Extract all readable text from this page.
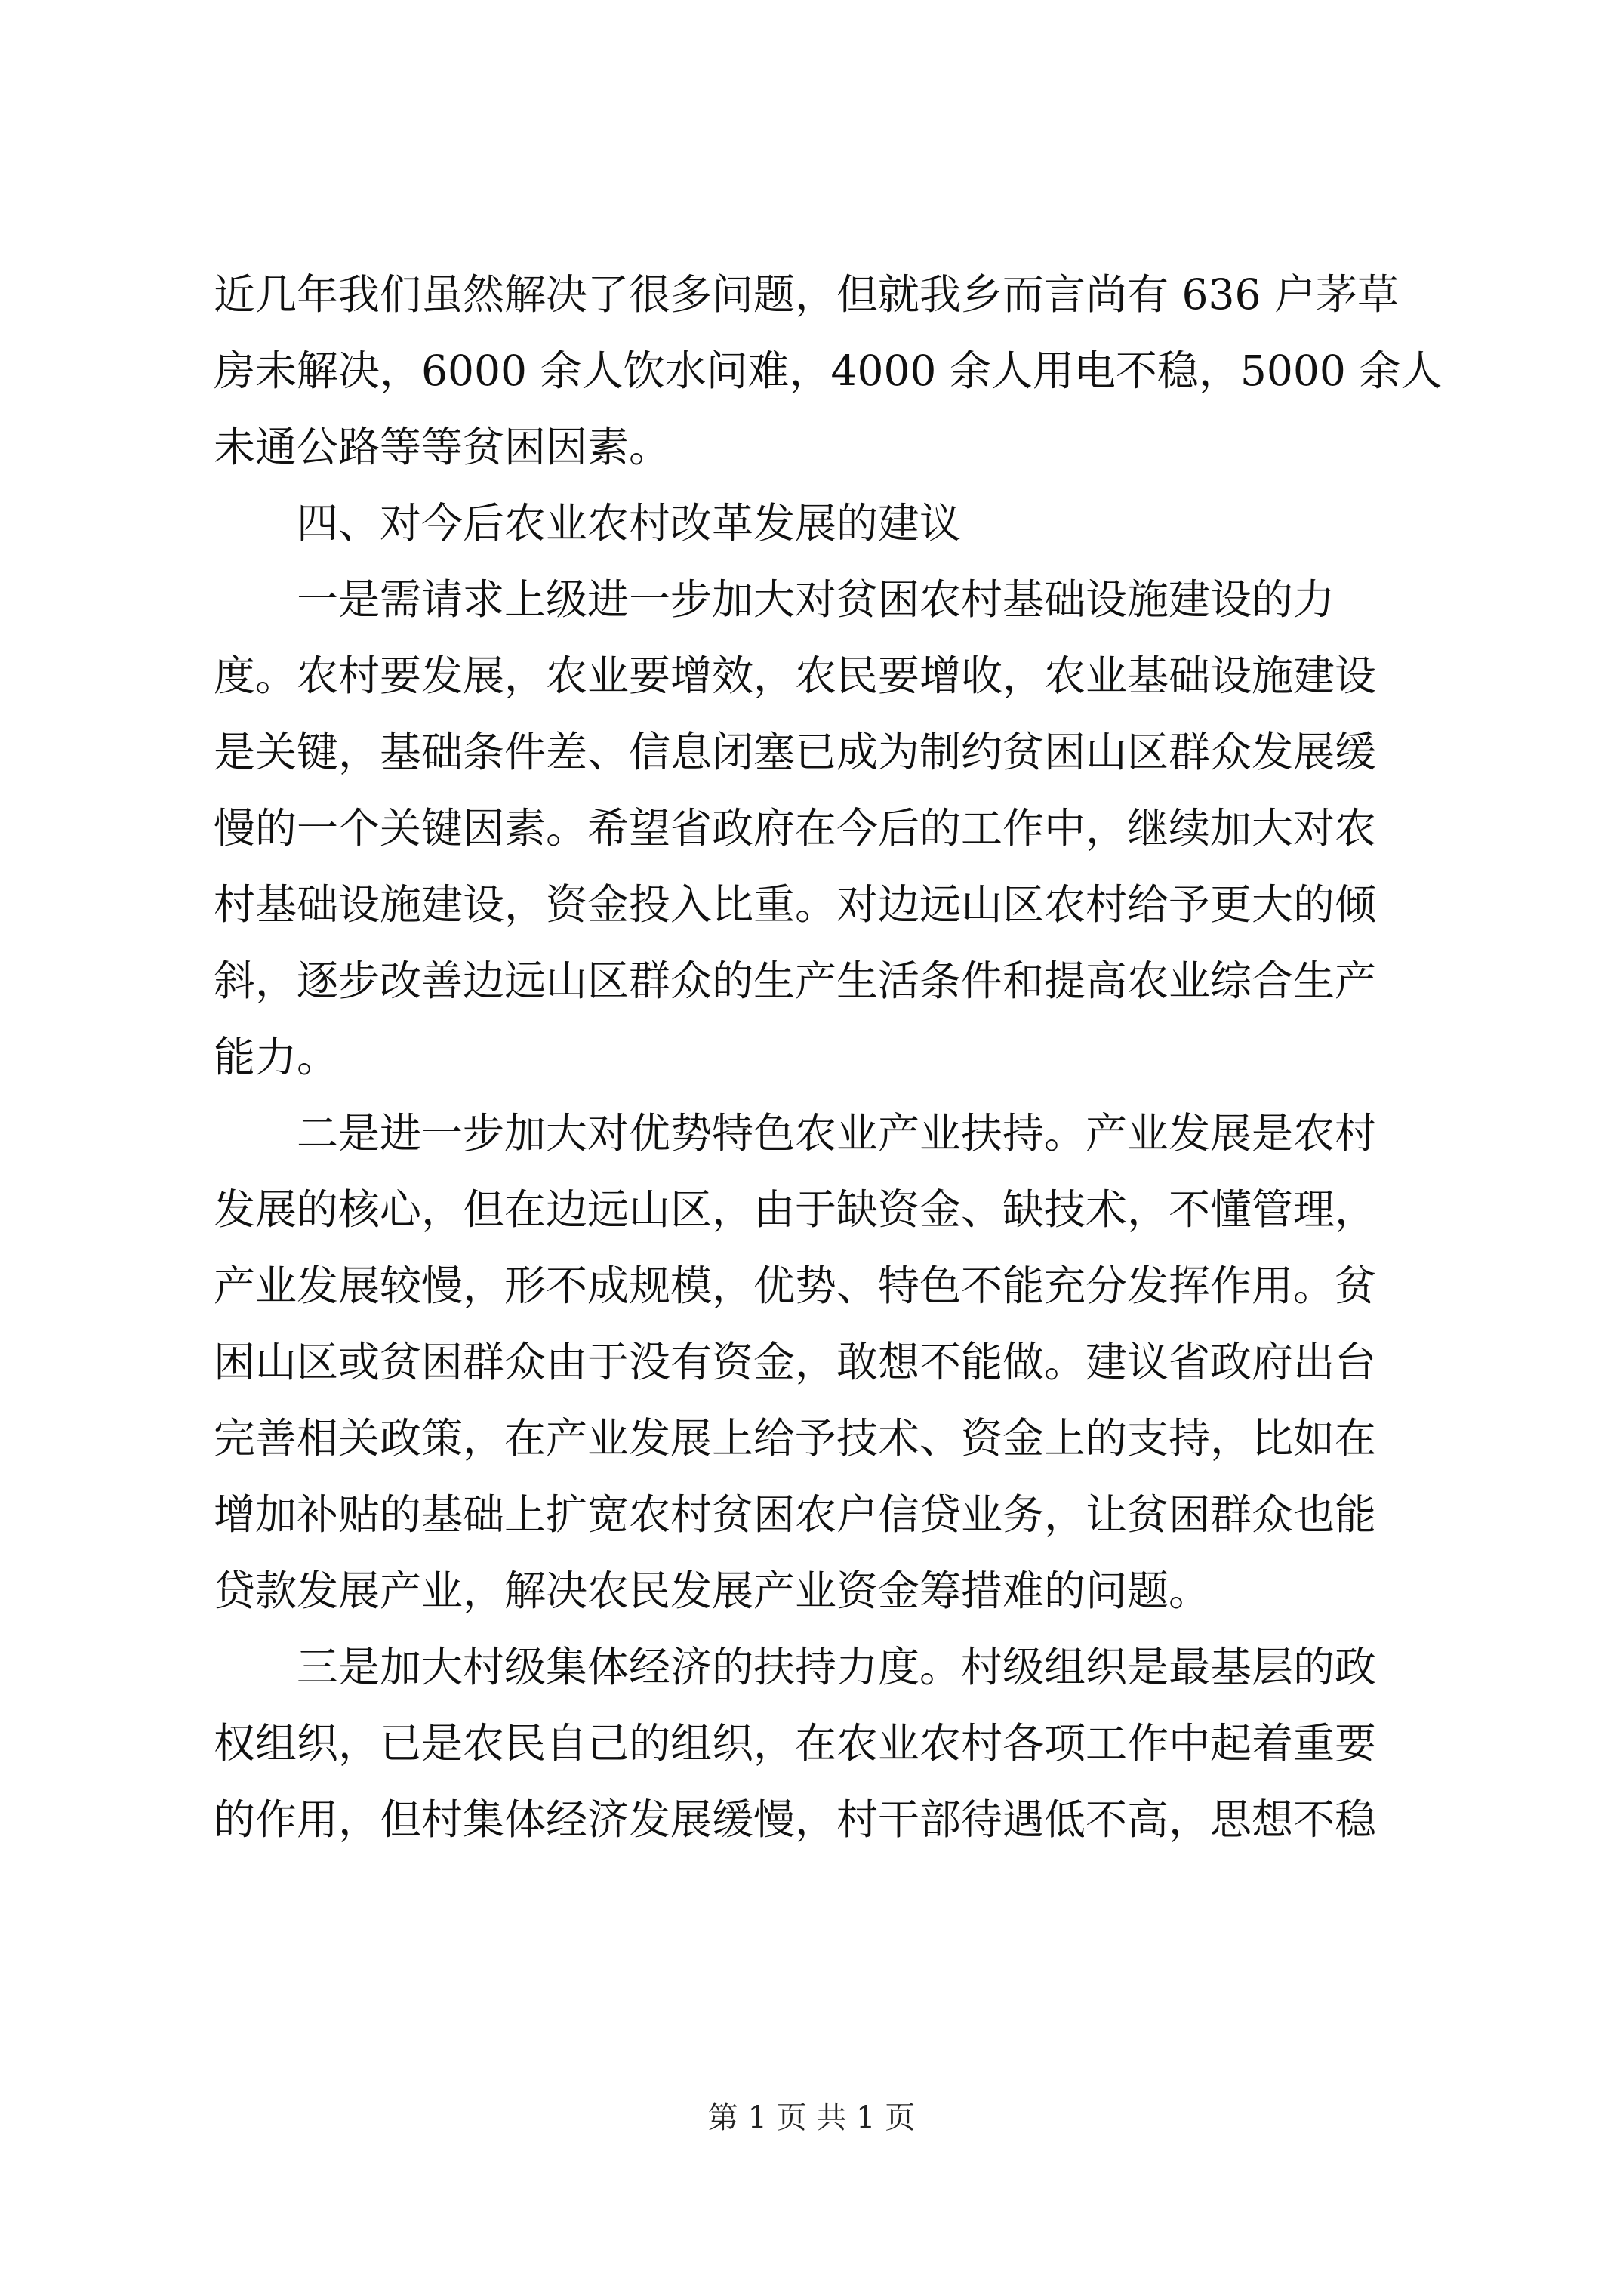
近几年我们虽然解决了很多问题，但就我乡而言尚有 636 户茅草
房未解决，6000 余人饮水问难，4000 余人用电不稳，5000 余人
未通公路等等贫困因素。
四、对今后农业农村改革发展的建议
一是需请求上级进一步加大对贫困农村基础设施建设的力
度。农村要发展，农业要增效，农民要增收，农业基础设施建设
是关键，基础条件差、信息闭塞已成为制约贫困山区群众发展缓
慢的一个关键因素。希望省政府在今后的工作中，继续加大对农
村基础设施建设，资金投入比重。对边远山区农村给予更大的倾
斜，逐步改善边远山区群众的生产生活条件和提高农业综合生产
能力。
二是进一步加大对优势特色农业产业扶持。产业发展是农村
发展的核心，但在边远山区，由于缺资金、缺技术，不懂管理，
产业发展较慢，形不成规模，优势、特色不能充分发挥作用。贫
困山区或贫困群众由于没有资金，敢想不能做。建议省政府出台
完善相关政策，在产业发展上给予技术、资金上的支持，比如在
增加补贴的基础上扩宽农村贫困农户信贷业务，让贫困群众也能
贷款发展产业，解决农民发展产业资金筹措难的问题。
三是加大村级集体经济的扶持力度。村级组织是最基层的政
权组织，已是农民自己的组织，在农业农村各项工作中起着重要
的作用，但村集体经济发展缓慢，村干部待遇低不高，思想不稳
第 1 页 共 1 页
